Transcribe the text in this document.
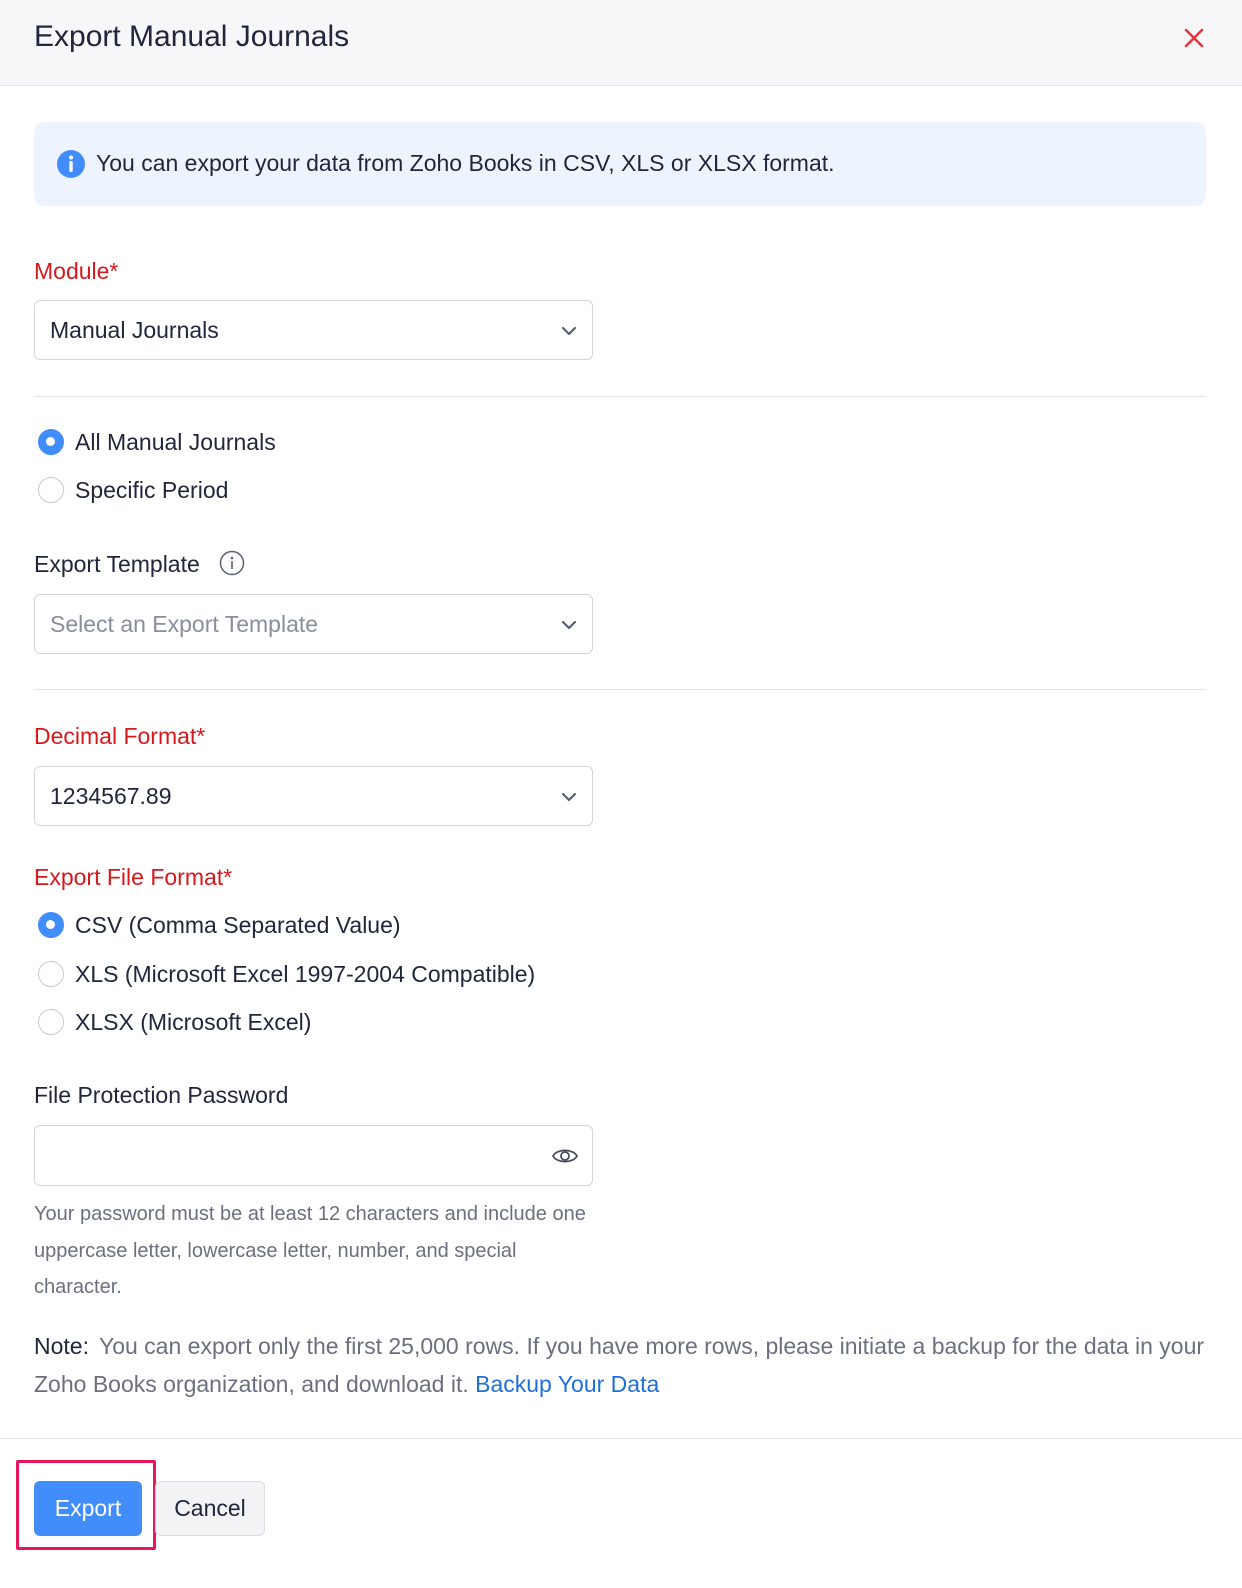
Export Manual Journals
You can export your data from Zoho Books in CSV, XLS or XLSX format.
Module*
Manual Journals
All Manual Journals
Specific Period
Export Template
Select an Export Template
Decimal Format*
1234567.89
Export File Format*
CSV (Comma Separated Value)
XLS (Microsoft Excel 1997-2004 Compatible)
XLSX (Microsoft Excel)
File Protection Password
Your password must be at least 12 characters and include one uppercase letter, lowercase letter, number, and special character.
Note: You can export only the first 25,000 rows. If you have more rows, please initiate a backup for the data in your Zoho Books organization, and download it. Backup Your Data
Export	Cancel
